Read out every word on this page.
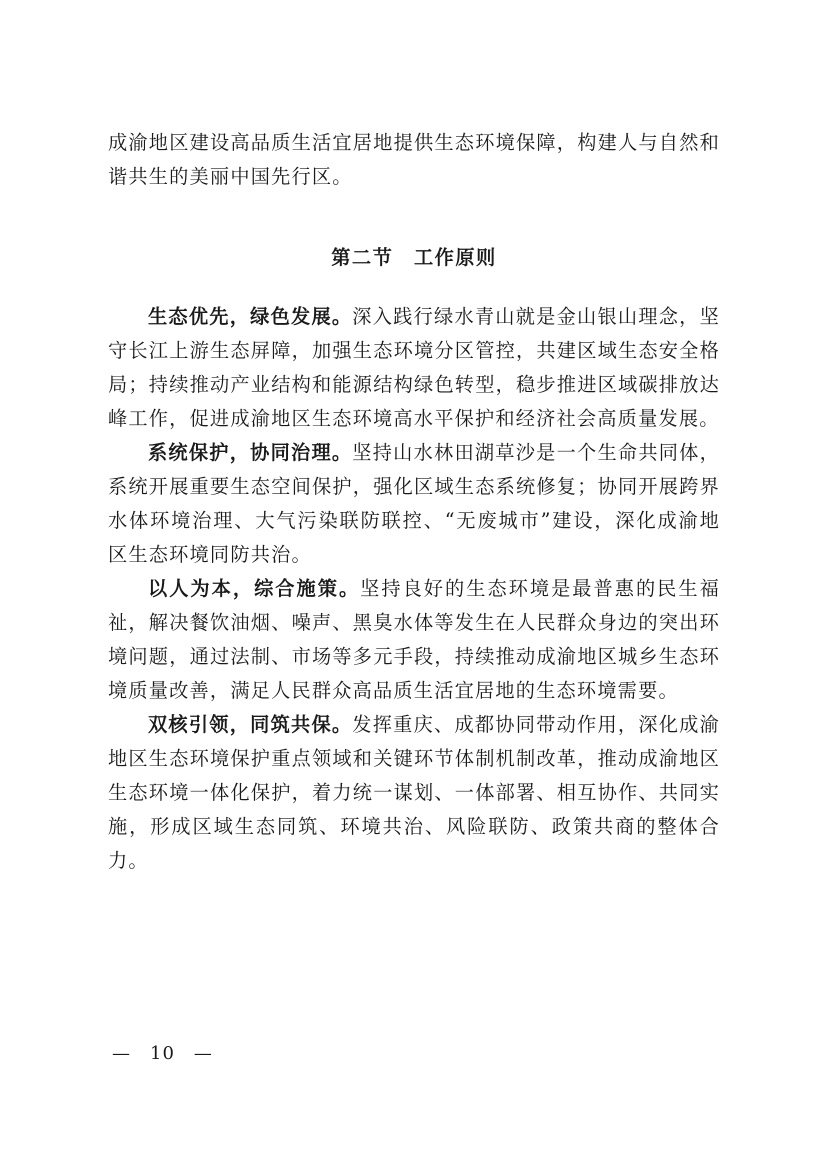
成渝地区建设高品质生活宜居地提供生态环境保障，构建人与自然和谐共生的美丽中国先行区。

第二节　工作原则

生态优先，绿色发展。深入践行绿水青山就是金山银山理念，坚守长江上游生态屏障，加强生态环境分区管控，共建区域生态安全格局；持续推动产业结构和能源结构绿色转型，稳步推进区域碳排放达峰工作，促进成渝地区生态环境高水平保护和经济社会高质量发展。

系统保护，协同治理。坚持山水林田湖草沙是一个生命共同体，系统开展重要生态空间保护，强化区域生态系统修复；协同开展跨界水体环境治理、大气污染联防联控、“无废城市”建设，深化成渝地区生态环境同防共治。

以人为本，综合施策。坚持良好的生态环境是最普惠的民生福祉，解决餐饮油烟、噪声、黑臭水体等发生在人民群众身边的突出环境问题，通过法制、市场等多元手段，持续推动成渝地区城乡生态环境质量改善，满足人民群众高品质生活宜居地的生态环境需要。

双核引领，同筑共保。发挥重庆、成都协同带动作用，深化成渝地区生态环境保护重点领域和关键环节体制机制改革，推动成渝地区生态环境一体化保护，着力统一谋划、一体部署、相互协作、共同实施，形成区域生态同筑、环境共治、风险联防、政策共商的整体合力。

—　10　—
